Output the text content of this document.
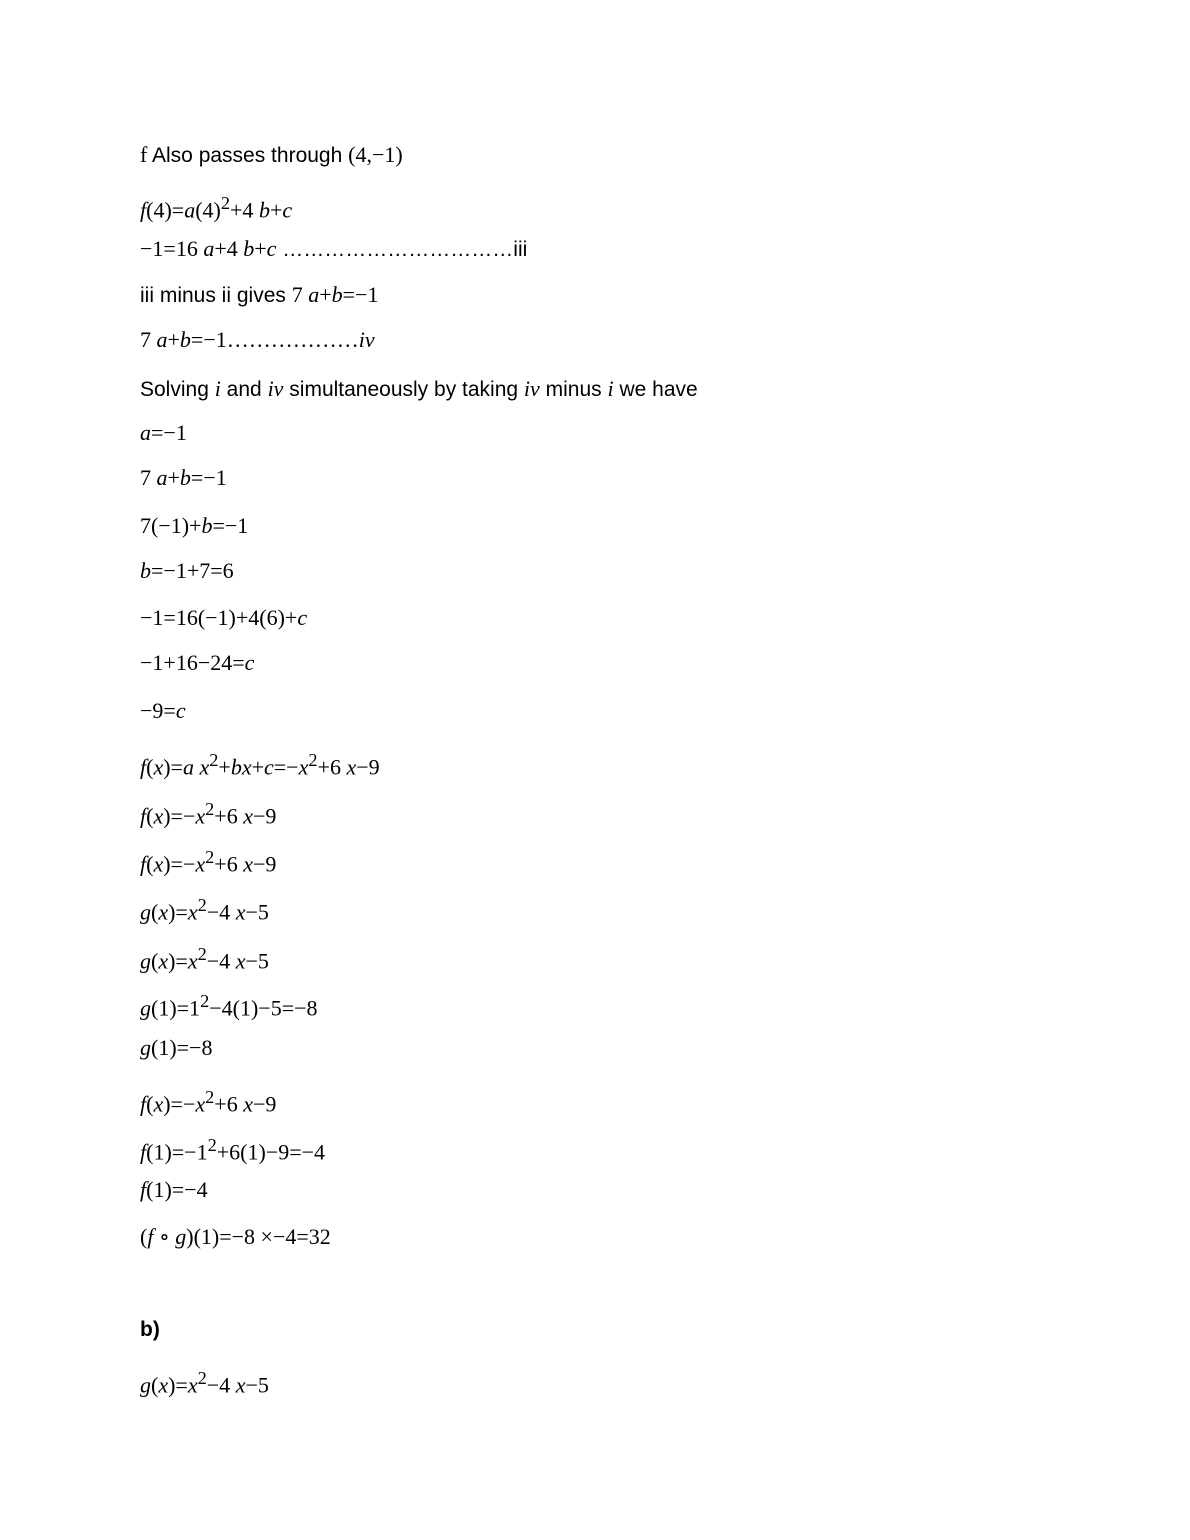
f Also passes through (4,−1)
$f(4)=a(4)^2+4$ b+c
−1=16 a+4 b+c ……………………………iii
iii minus ii gives 7 a+b=−1
7 a+b=−1………………iv
Solving i and iv simultaneously by taking iv minus i we have
a=−1
7 a+b=−1
7(−1)+b=−1
b=−1+7=6
−1=16(−1)+4(6)+c
−1+16−24=c
−9=c
f(x)=a $x^2+bx+c=-x^2+6$ x−9
$f(x)=-x^2+6$ x−9
$f(x)=-x^2+6$ x−9
$g(x)=x^2-4$ x−5
$g(x)=x^2-4$ x−5
$g(1)=1^2-4(1)-5=-8$
g(1)=−8
$f(x)=-x^2+6$ x−9
$f(1)=-1^2+6(1)-9=-4$
f(1)=−4
(f ∘ g)(1)=−8 ×−4=32
b)
$g(x)=x^2-4$ x−5
